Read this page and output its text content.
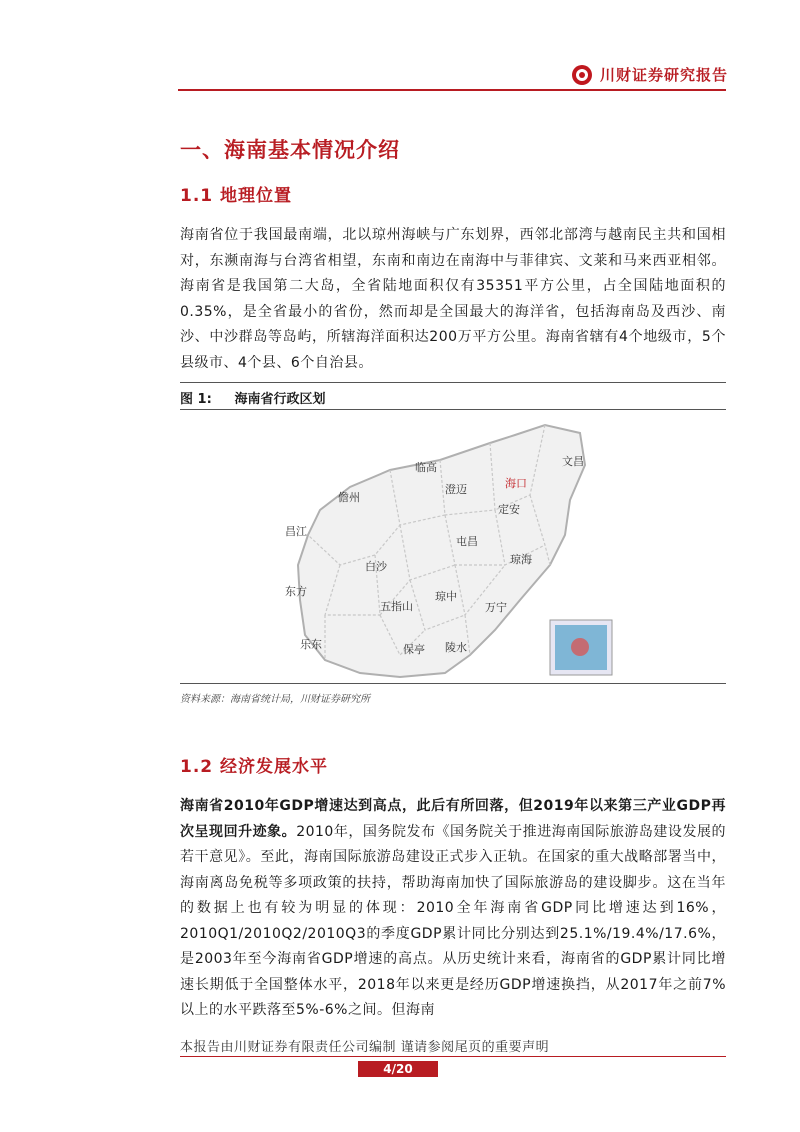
川财证券研究报告
一、海南基本情况介绍
1.1 地理位置

海南省位于我国最南端，北以琼州海峡与广东划界，西邻北部湾与越南民主共和国相对，东濒南海与台湾省相望，东南和南边在南海中与菲律宾、文莱和马来西亚相邻。海南省是我国第二大岛，全省陆地面积仅有35351平方公里，占全国陆地面积的0.35%，是全省最小的省份，然而却是全国最大的海洋省，包括海南岛及西沙、南沙、中沙群岛等岛屿，所辖海洋面积达200万平方公里。海南省辖有4个地级市，5个县级市、4个县、6个自治县。

图 1: 海南省行政区划
海口
文昌
临高
澄迈
儋州
定安
昌江
屯昌
琼海
白沙
东方
五指山
琼中
万宁
乐东	保亭 陵水
资料来源：海南省统计局，川财证券研究所
1.2 经济发展水平

海南省2010年GDP增速达到高点，此后有所回落，但2019年以来第三产业GDP再次呈现回升迹象。2010年，国务院发布《国务院关于推进海南国际旅游岛建设发展的若干意见》。至此，海南国际旅游岛建设正式步入正轨。在国家的重大战略部署当中，海南离岛免税等多项政策的扶持，帮助海南加快了国际旅游岛的建设脚步。这在当年的数据上也有较为明显的体现：2010全年海南省GDP同比增速达到16%，2010Q1/2010Q2/2010Q3的季度GDP累计同比分别达到25.1%/19.4%/17.6%，是2003年至今海南省GDP增速的高点。从历史统计来看，海南省的GDP累计同比增速长期低于全国整体水平，2018年以来更是经历GDP增速换挡，从2017年之前7%以上的水平跌落至5%-6%之间。但海南

本报告由川财证券有限责任公司编制 谨请参阅尾页的重要声明
4/20
